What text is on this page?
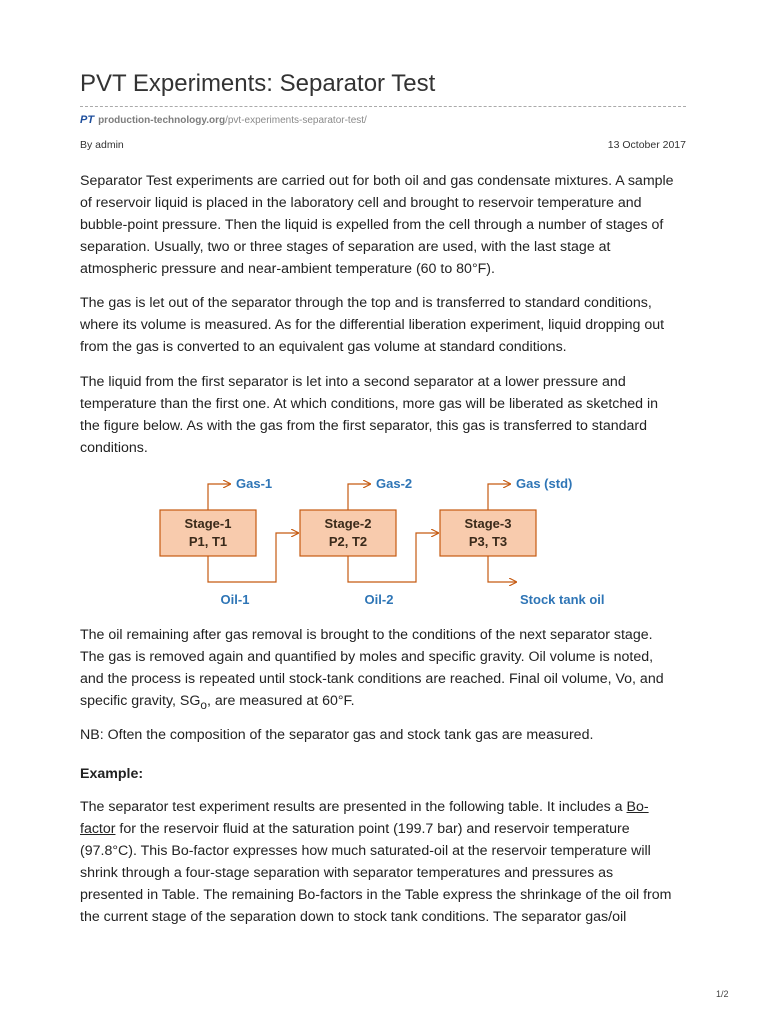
PVT Experiments: Separator Test
PT production-technology.org/pvt-experiments-separator-test/
By admin	13 October 2017

Separator Test experiments are carried out for both oil and gas condensate mixtures. A sample of reservoir liquid is placed in the laboratory cell and brought to reservoir temperature and bubble-point pressure. Then the liquid is expelled from the cell through a number of stages of separation. Usually, two or three stages of separation are used, with the last stage at atmospheric pressure and near-ambient temperature (60 to 80°F).

The gas is let out of the separator through the top and is transferred to standard conditions, where its volume is measured. As for the differential liberation experiment, liquid dropping out from the gas is converted to an equivalent gas volume at standard conditions.

The liquid from the first separator is let into a second separator at a lower pressure and temperature than the first one. At which conditions, more gas will be liberated as sketched in the figure below. As with the gas from the first separator, this gas is transferred to standard conditions.

Stage-1
P1, T1
Stage-2
P2, T2
Stage-3
P3, T3
Gas-1	Gas-2	Gas (std)
Oil-1	Oil-2	Stock tank oil

The oil remaining after gas removal is brought to the conditions of the next separator stage. The gas is removed again and quantified by moles and specific gravity. Oil volume is noted, and the process is repeated until stock-tank conditions are reached. Final oil volume, Vo, and specific gravity, $SG_o$, are measured at 60°F.

NB: Often the composition of the separator gas and stock tank gas are measured.

Example:

The separator test experiment results are presented in the following table. It includes a Bo-factor for the reservoir fluid at the saturation point (199.7 bar) and reservoir temperature (97.8°C). This Bo-factor expresses how much saturated-oil at the reservoir temperature will shrink through a four-stage separation with separator temperatures and pressures as presented in Table. The remaining Bo-factors in the Table express the shrinkage of the oil from the current stage of the separation down to stock tank conditions. The separator gas/oil

1/2
